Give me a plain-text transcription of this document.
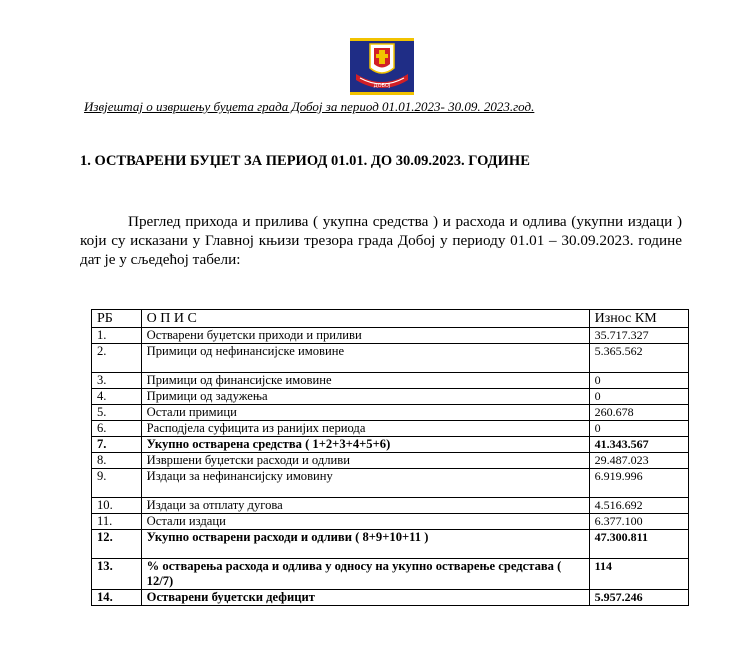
ДОБОЈ
Извјештај о извршењу буџета града Добој за период 01.01.2023- 30.09. 2023.год.
1. ОСТВАРЕНИ БУЏЕТ ЗА ПЕРИОД 01.01. ДО 30.09.2023. ГОДИНЕ
Преглед прихода и прилива ( укупна средства ) и расхода и одлива (укупни издаци ) који су исказани у Главној књизи трезора града Добој у периоду 01.01 – 30.09.2023. године дат је у сљедећој табели:
РБ	О П И С	Износ КМ
1.	Остварени буџетски приходи и приливи	35.717.327
2.	Примици од нефинансијске имовине	5.365.562
3.	Примици од финансијске имовине	0
4.	Примици од задужења	0
5.	Остали примици	260.678
6.	Расподјела суфицита из ранијих периода	0
7.	Укупно остварена средства ( 1+2+3+4+5+6)	41.343.567
8.	Извршени буџетски расходи и одливи	29.487.023
9.	Издаци за нефинансијску имовину	6.919.996
10.	Издаци за отплату дугова	4.516.692
11.	Остали издаци	6.377.100
12.	Укупно остварени расходи и одливи ( 8+9+10+11 )	47.300.811
13.	% остварења расхода и одлива у односу на укупно остварење средстава ( 12/7)	114
14.	Остварени буџетски дефицит	5.957.246
